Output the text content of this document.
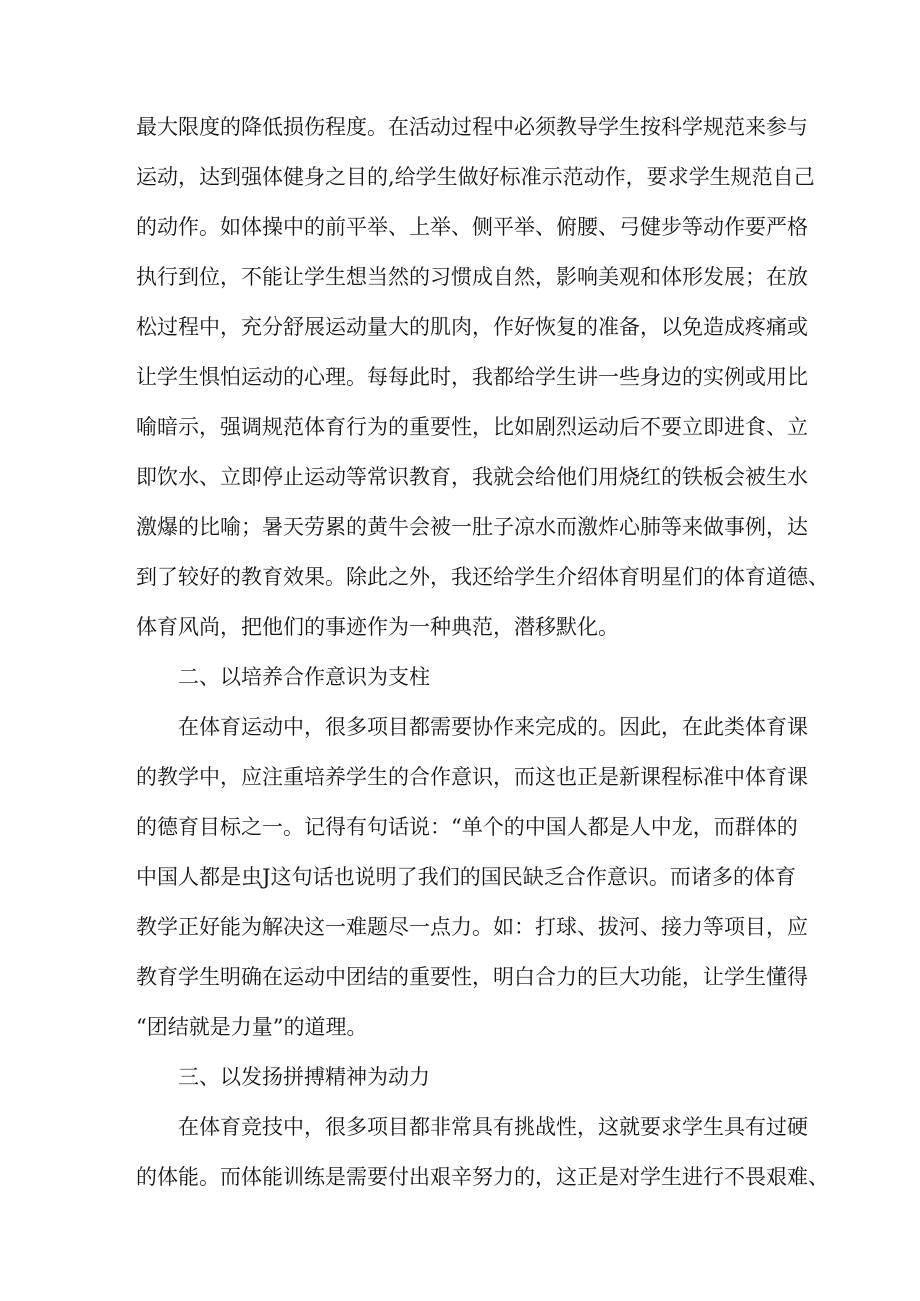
最大限度的降低损伤程度。在活动过程中必须教导学生按科学规范来参与
运动，达到强体健身之目的,给学生做好标准示范动作，要求学生规范自己
的动作。如体操中的前平举、上举、侧平举、俯腰、弓健步等动作要严格
执行到位，不能让学生想当然的习惯成自然，影响美观和体形发展；在放
松过程中，充分舒展运动量大的肌肉，作好恢复的准备，以免造成疼痛或
让学生惧怕运动的心理。每每此时，我都给学生讲一些身边的实例或用比
喻暗示，强调规范体育行为的重要性，比如剧烈运动后不要立即进食、立
即饮水、立即停止运动等常识教育，我就会给他们用烧红的铁板会被生水
激爆的比喻；暑天劳累的黄牛会被一肚子凉水而激炸心肺等来做事例，达
到了较好的教育效果。除此之外，我还给学生介绍体育明星们的体育道德、
体育风尚，把他们的事迹作为一种典范，潜移默化。
二、以培养合作意识为支柱
在体育运动中，很多项目都需要协作来完成的。因此，在此类体育课
的教学中，应注重培养学生的合作意识，而这也正是新课程标准中体育课
的德育目标之一。记得有句话说：“单个的中国人都是人中龙，而群体的
中国人都是虫J这句话也说明了我们的国民缺乏合作意识。而诸多的体育
教学正好能为解决这一难题尽一点力。如：打球、拔河、接力等项目，应
教育学生明确在运动中团结的重要性，明白合力的巨大功能，让学生懂得
“团结就是力量”的道理。
三、以发扬拼搏精神为动力
在体育竞技中，很多项目都非常具有挑战性，这就要求学生具有过硬
的体能。而体能训练是需要付出艰辛努力的，这正是对学生进行不畏艰难、
